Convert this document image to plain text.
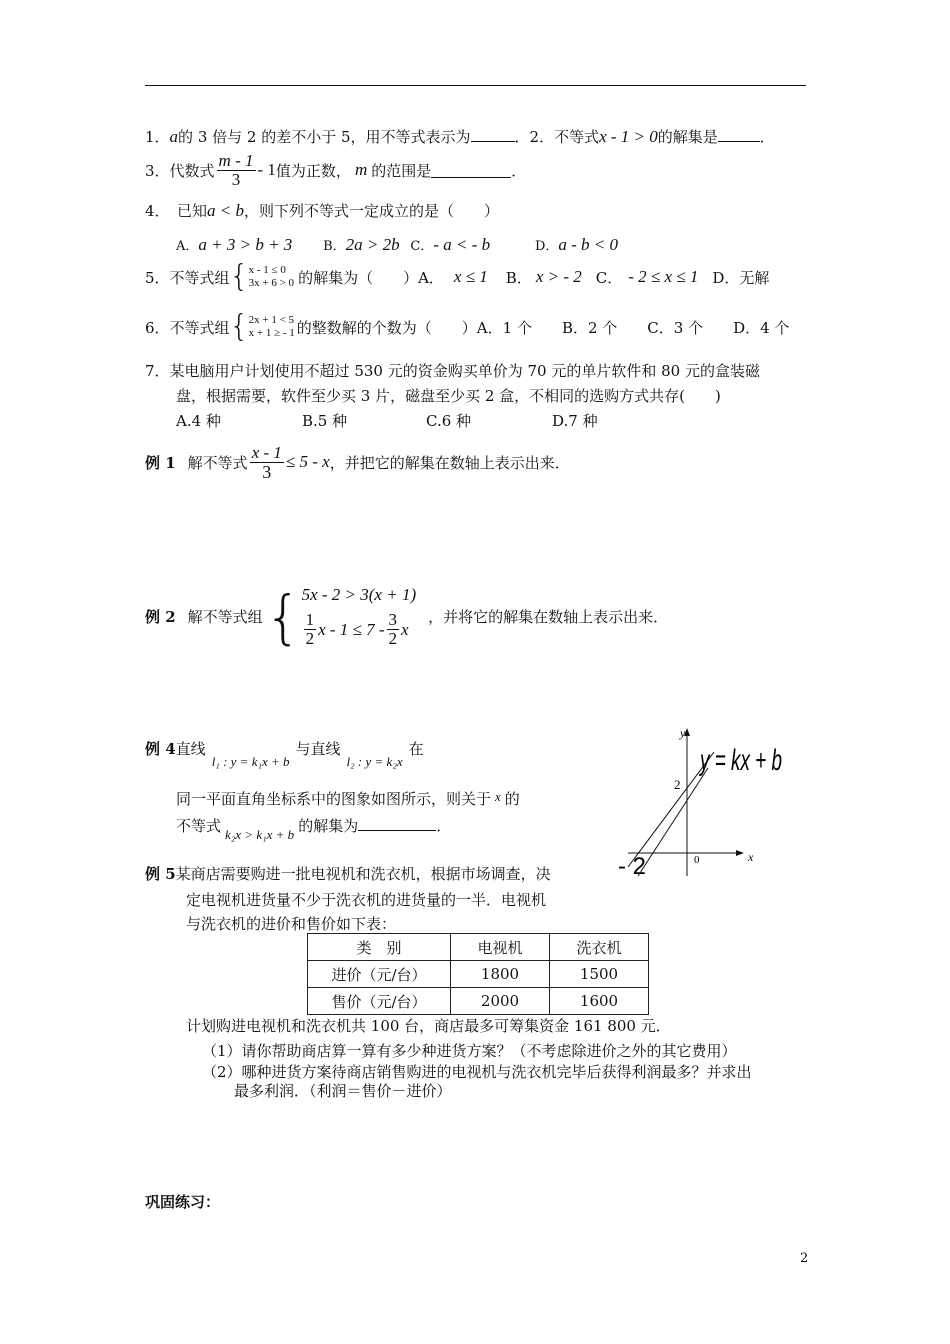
1．a的 3 倍与 2 的差不小于 5，用不等式表示为	．2．不等式x - 1 > 0的解集是	．
3．代数式 $\frac{m - 1}{3} - 1$ 值为正数， m 的范围是	．
4．　已知a < b，则下列不等式一定成立的是（　　）
A．a + 3 > b + 3 B．2a > 2b C．- a < - b	D．a - b < 0
5．不等式组 { x - 1 ≤ 0
3x + 6 > 0 的解集为（　　）A． x ≤ 1 B． x > - 2 C． - 2 ≤ x ≤ 1 D．无解
6．不等式组 { 2x + 1 < 5
x + 1 ≥ - 1 的整数解的个数为（　　）A．1 个　　B．2 个　　C．3 个　　D．4 个
7．某电脑用户计划使用不超过 530 元的资金购买单价为 70 元的单片软件和 80 元的盒装磁
盘，根据需要，软件至少买 3 片，磁盘至少买 2 盒，不相同的选购方式共存(　　)
A.4 种	B.5 种	C.6 种	D.7 种
例 1 解不等式 $\frac{x - 1}{3} \le 5 - x$ ，并把它的解集在数轴上表示出来．
例 2 解不等式组 { 5x - 2 > 3(x + 1)
$\frac{1}{2}$ $x - 1 \le 7 - \frac{3}{2}$ x
，并将它的解集在数轴上表示出来．
例 4直线l₁ : y = k₁x + b与直线l₂ : y = k₂x在
同一平面直角坐标系中的图象如图所示，则关于 x 的
不等式 k₂x > k₁x + b 的解集为	．
y
x
y = kx + b
2
- 2	0
例 5某商店需要购进一批电视机和洗衣机，根据市场调查，决
定电视机进货量不少于洗衣机的进货量的一半．电视机
与洗衣机的进价和售价如下表：
类　别	电视机	洗衣机
进价（元/台）	1800	1500
售价（元/台）	2000	1600
计划购进电视机和洗衣机共 100 台，商店最多可筹集资金 161 800 元．
（1）请你帮助商店算一算有多少种进货方案？（不考虑除进价之外的其它费用）
（2）哪种进货方案待商店销售购进的电视机与洗衣机完毕后获得利润最多？并求出
最多利润．（利润＝售价－进价）
巩固练习：
2
